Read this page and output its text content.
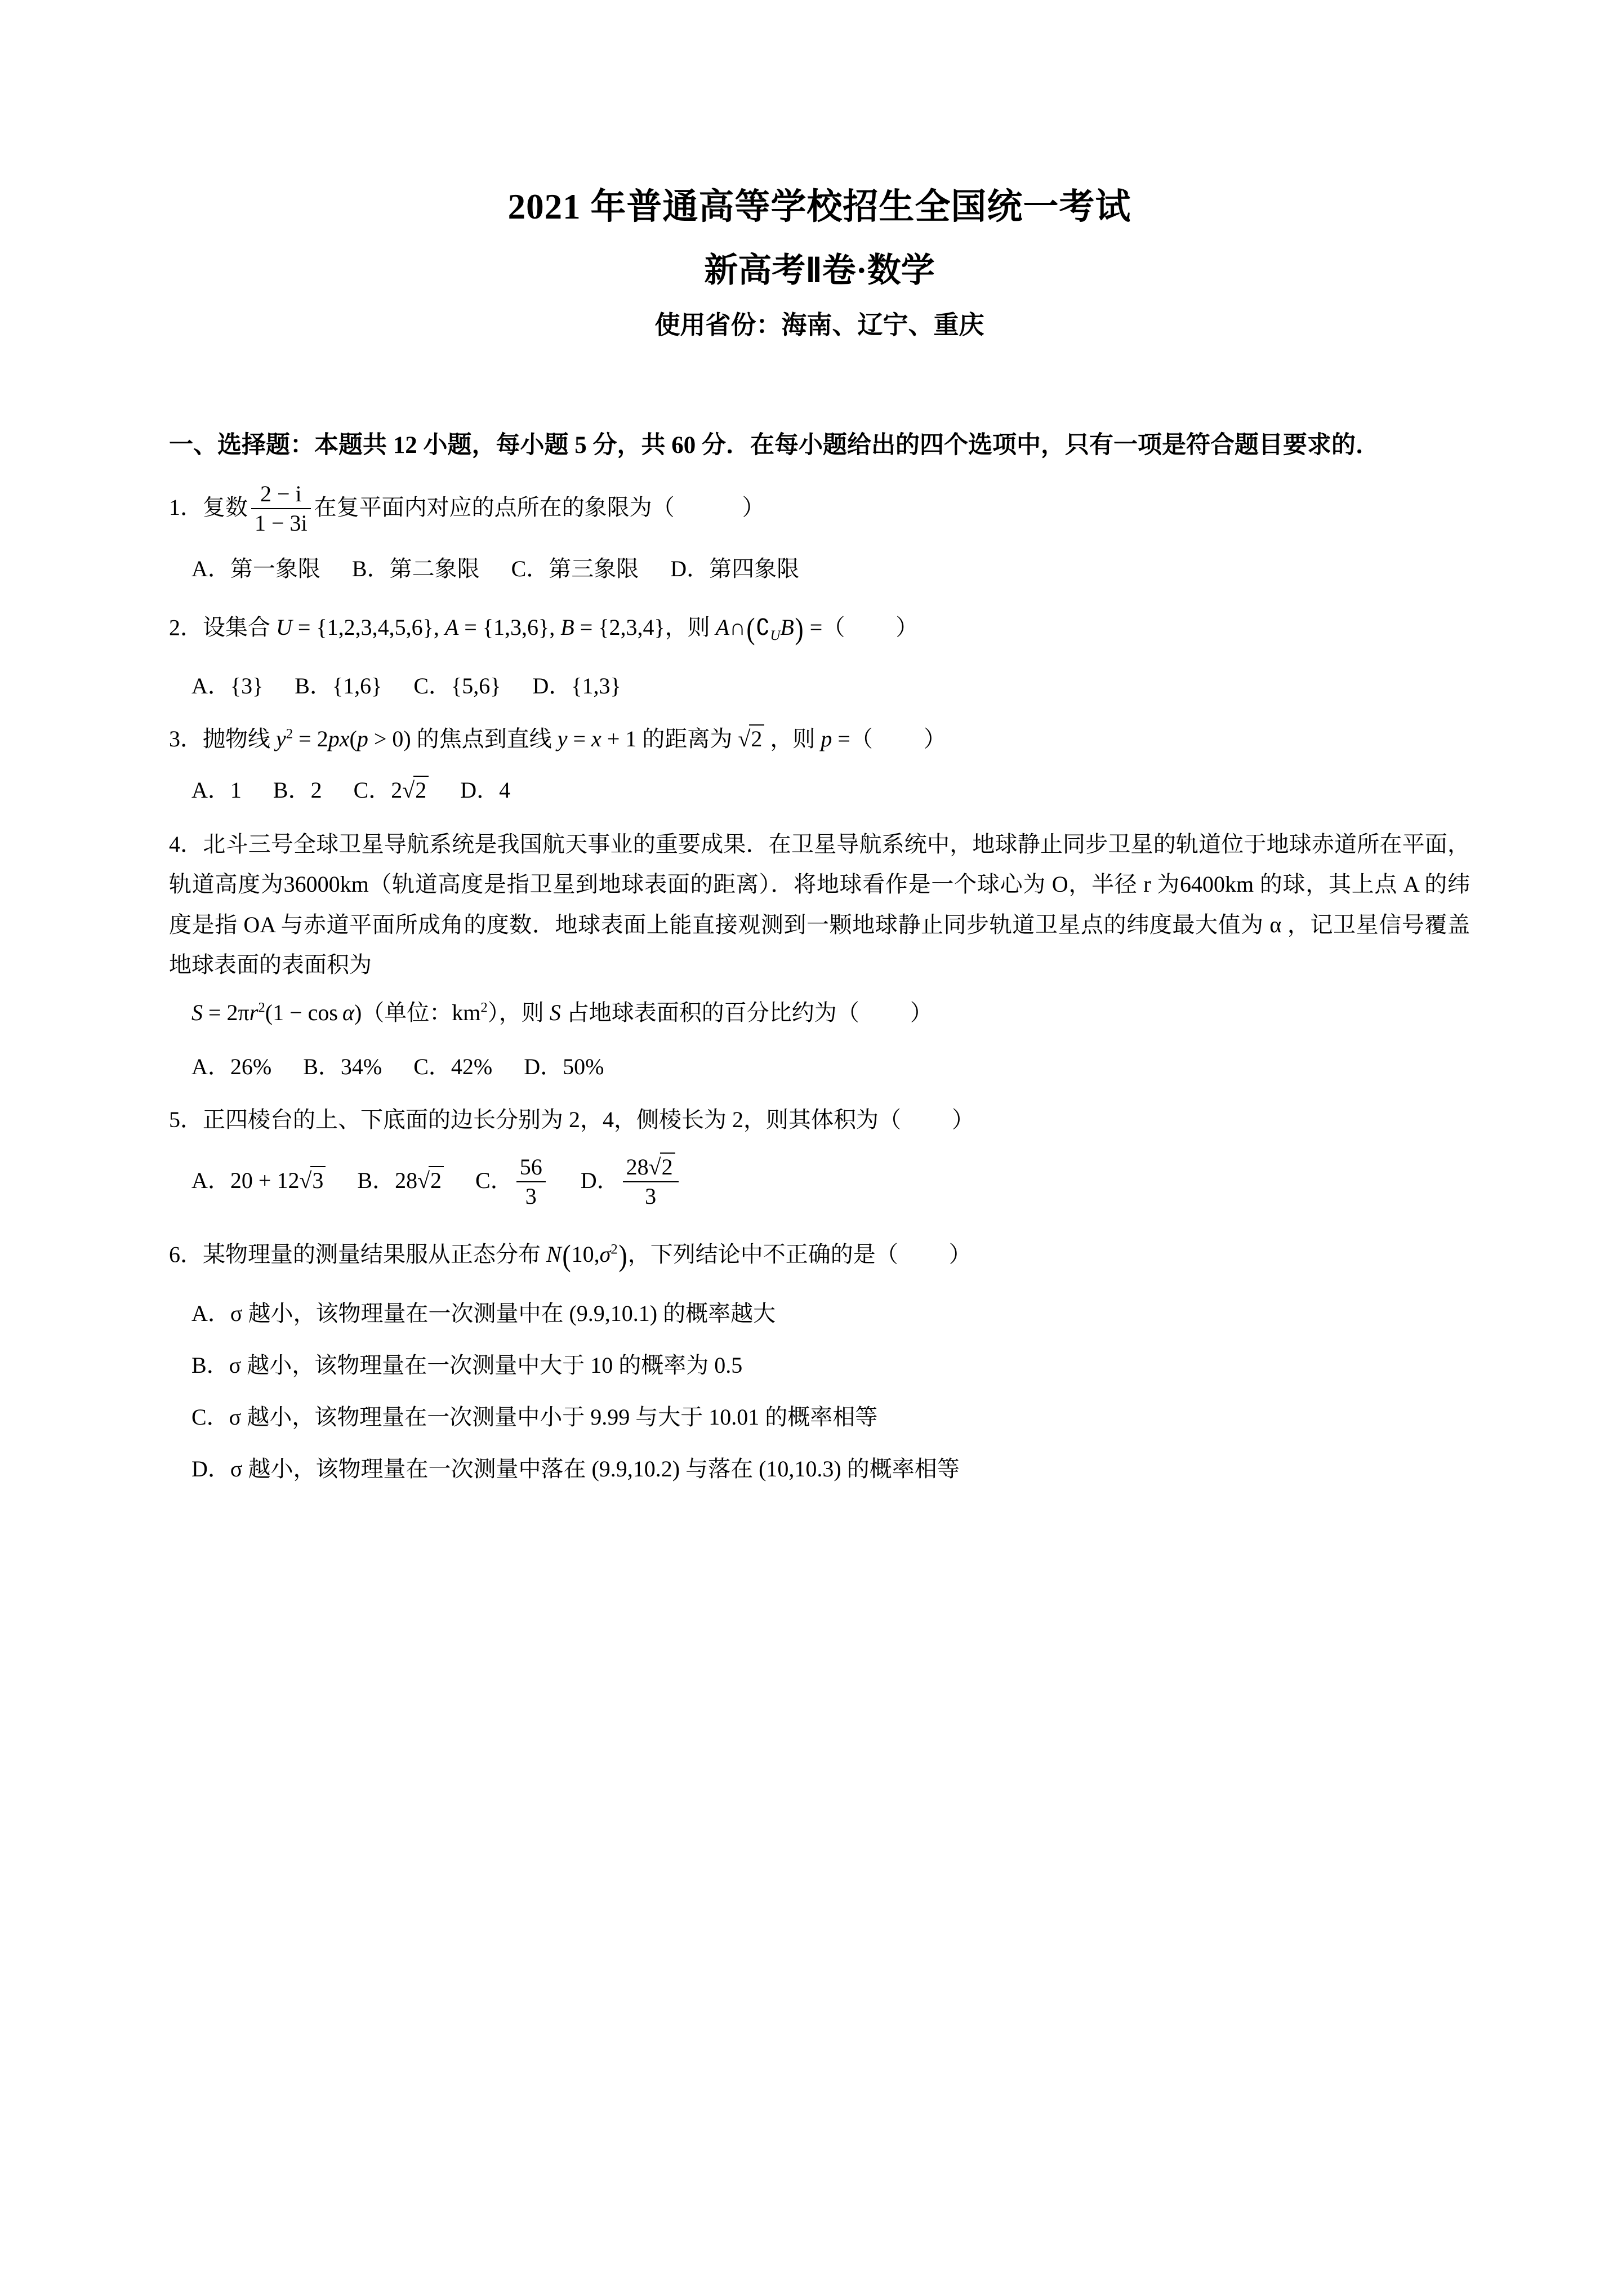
2021 年普通高等学校招生全国统一考试
新高考Ⅱ卷·数学
使用省份：海南、辽宁、重庆
一、选择题：本题共 12 小题，每小题 5 分，共 60 分．在每小题给出的四个选项中，只有一项是符合题目要求的．
1．复数 $\frac{2 - i}{1 - 3i}$ 在复平面内对应的点所在的象限为（　　　）
A．第一象限 B．第二象限 C．第三象限 D．第四象限
2．设集合 U = {1,2,3,4,5,6}, A = {1,3,6}, B = {2,3,4}，则 $A\cap(∁_UB)$ =（ ）
A．{3} B．{1,6} C．{5,6} D．{1,3}
3．抛物线 $y^2 = 2px(p > 0)$ 的焦点到直线 y = x + 1 的距离为 √2 ，则 p =（ ）
A．1 B．2 C．2√2 D．4
4．北斗三号全球卫星导航系统是我国航天事业的重要成果．在卫星导航系统中，地球静止同步卫星的轨道位于地球赤道所在平面，轨道高度为36000km（轨道高度是指卫星到地球表面的距离）．将地球看作是一个球心为 O，半径 r 为6400km 的球，其上点 A 的纬度是指 OA 与赤道平面所成角的度数．地球表面上能直接观测到一颗地球静止同步轨道卫星点的纬度最大值为 α ，记卫星信号覆盖地球表面的表面积为
$S = 2\pi r^2(1 - \cos \alpha)$（单位：$km^2$），则 S 占地球表面积的百分比约为（ ）
A．26% B．34% C．42% D．50%
5．正四棱台的上、下底面的边长分别为 2，4，侧棱长为 2，则其体积为（ ）
A．20 + 12√3 B．28√2 C． $\frac{56}{3}$ D． $\frac{28√2}{3}$
6．某物理量的测量结果服从正态分布 $N(10,\sigma^2)$，下列结论中不正确的是（ ）
A．σ 越小，该物理量在一次测量中在 (9.9,10.1) 的概率越大
B．σ 越小，该物理量在一次测量中大于 10 的概率为 0.5
C．σ 越小，该物理量在一次测量中小于 9.99 与大于 10.01 的概率相等
D．σ 越小，该物理量在一次测量中落在 (9.9,10.2) 与落在 (10,10.3) 的概率相等
